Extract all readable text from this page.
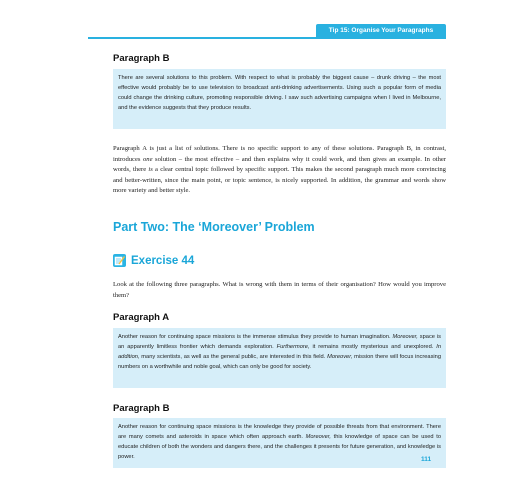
Tip 15: Organise Your Paragraphs
Paragraph B
There are several solutions to this problem. With respect to what is probably the biggest cause – drunk driving – the most effective would probably be to use television to broadcast anti-drinking advertisements. Using such a popular form of media could change the drinking culture, promoting responsible driving. I saw such advertising campaigns when I lived in Melbourne, and the evidence suggests that they produce results.
Paragraph A is just a list of solutions. There is no specific support to any of these solutions. Paragraph B, in contrast, introduces one solution – the most effective – and then explains why it could work, and then gives an example. In other words, there is a clear central topic followed by specific support. This makes the second paragraph much more convincing and better-written, since the main point, or topic sentence, is nicely supported. In addition, the grammar and words show more variety and better style.
Part Two: The ‘Moreover’ Problem
Exercise 44
Look at the following three paragraphs. What is wrong with them in terms of their organisation? How would you improve them?
Paragraph A
Another reason for continuing space missions is the immense stimulus they provide to human imagination. Moreover, space is an apparently limitless frontier which demands exploration. Furthermore, it remains mostly mysterious and unexplored. In addition, many scientists, as well as the general public, are interested in this field. Moreover, mission there will focus increasing numbers on a worthwhile and noble goal, which can only be good for society.
Paragraph B
Another reason for continuing space missions is the knowledge they provide of possible threats from that environment. There are many comets and asteroids in space which often approach earth. Moreover, this knowledge of space can be used to educate children of both the wonders and dangers there, and the challenges it presents for future generation, and knowledge is power.	111
